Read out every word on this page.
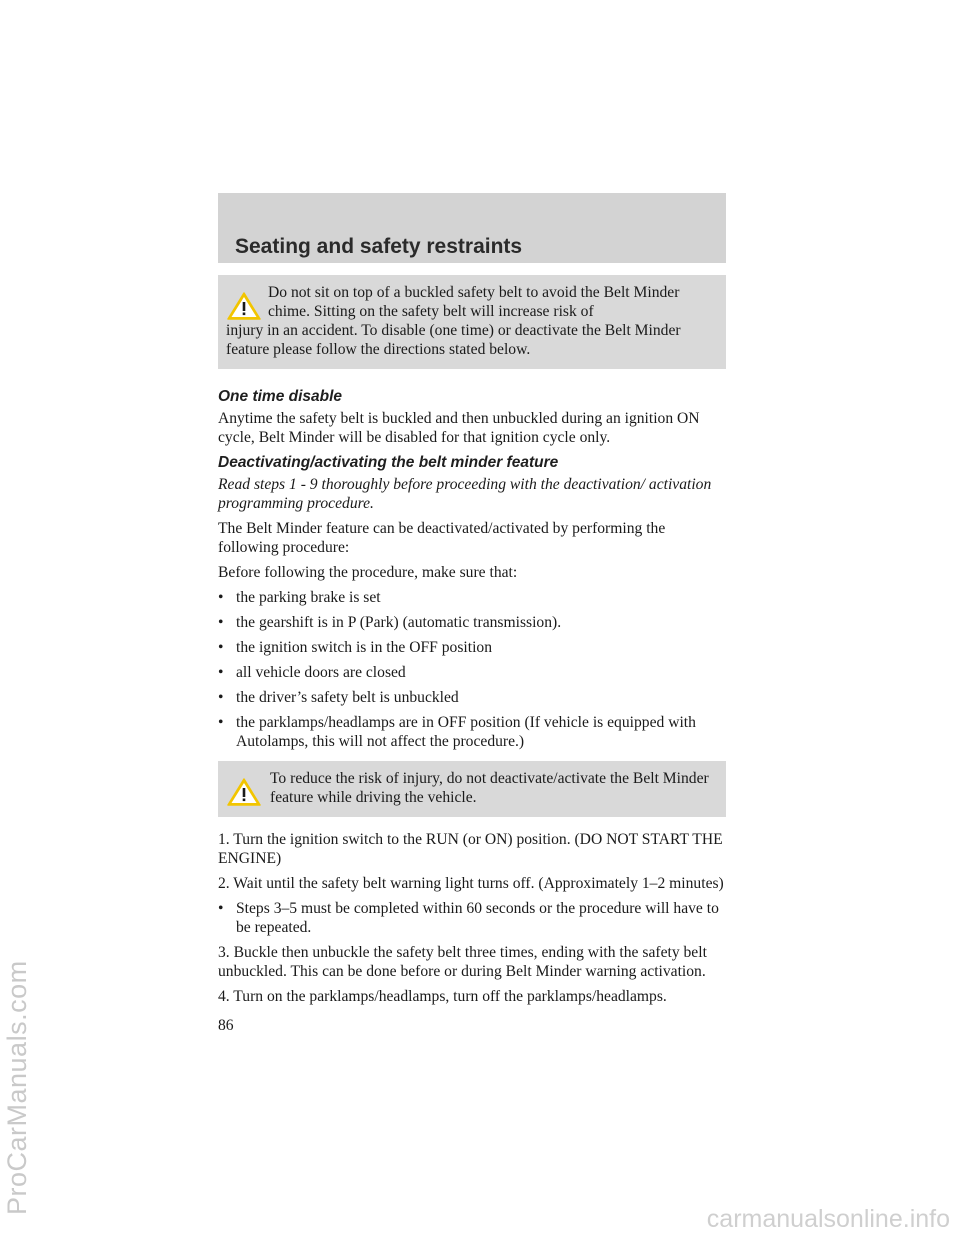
Seating and safety restraints

Do not sit on top of a buckled safety belt to avoid the Belt Minder chime. Sitting on the safety belt will increase risk of

injury in an accident. To disable (one time) or deactivate the Belt Minder feature please follow the directions stated below.

One time disable

Anytime the safety belt is buckled and then unbuckled during an ignition ON cycle, Belt Minder will be disabled for that ignition cycle only.

Deactivating/activating the belt minder feature

Read steps 1 - 9 thoroughly before proceeding with the deactivation/ activation programming procedure.

The Belt Minder feature can be deactivated/activated by performing the following procedure:

Before following the procedure, make sure that:

• the parking brake is set
• the gearshift is in P (Park) (automatic transmission).
• the ignition switch is in the OFF position
• all vehicle doors are closed
• the driver’s safety belt is unbuckled
• the parklamps/headlamps are in OFF position (If vehicle is equipped with Autolamps, this will not affect the procedure.)

To reduce the risk of injury, do not deactivate/activate the Belt Minder feature while driving the vehicle.

1. Turn the ignition switch to the RUN (or ON) position. (DO NOT START THE ENGINE)

2. Wait until the safety belt warning light turns off. (Approximately 1–2 minutes)

• Steps 3–5 must be completed within 60 seconds or the procedure will have to be repeated.

3. Buckle then unbuckle the safety belt three times, ending with the safety belt unbuckled. This can be done before or during Belt Minder warning activation.

4. Turn on the parklamps/headlamps, turn off the parklamps/headlamps.

86
ProCarManuals.com
carmanualsonline.info
